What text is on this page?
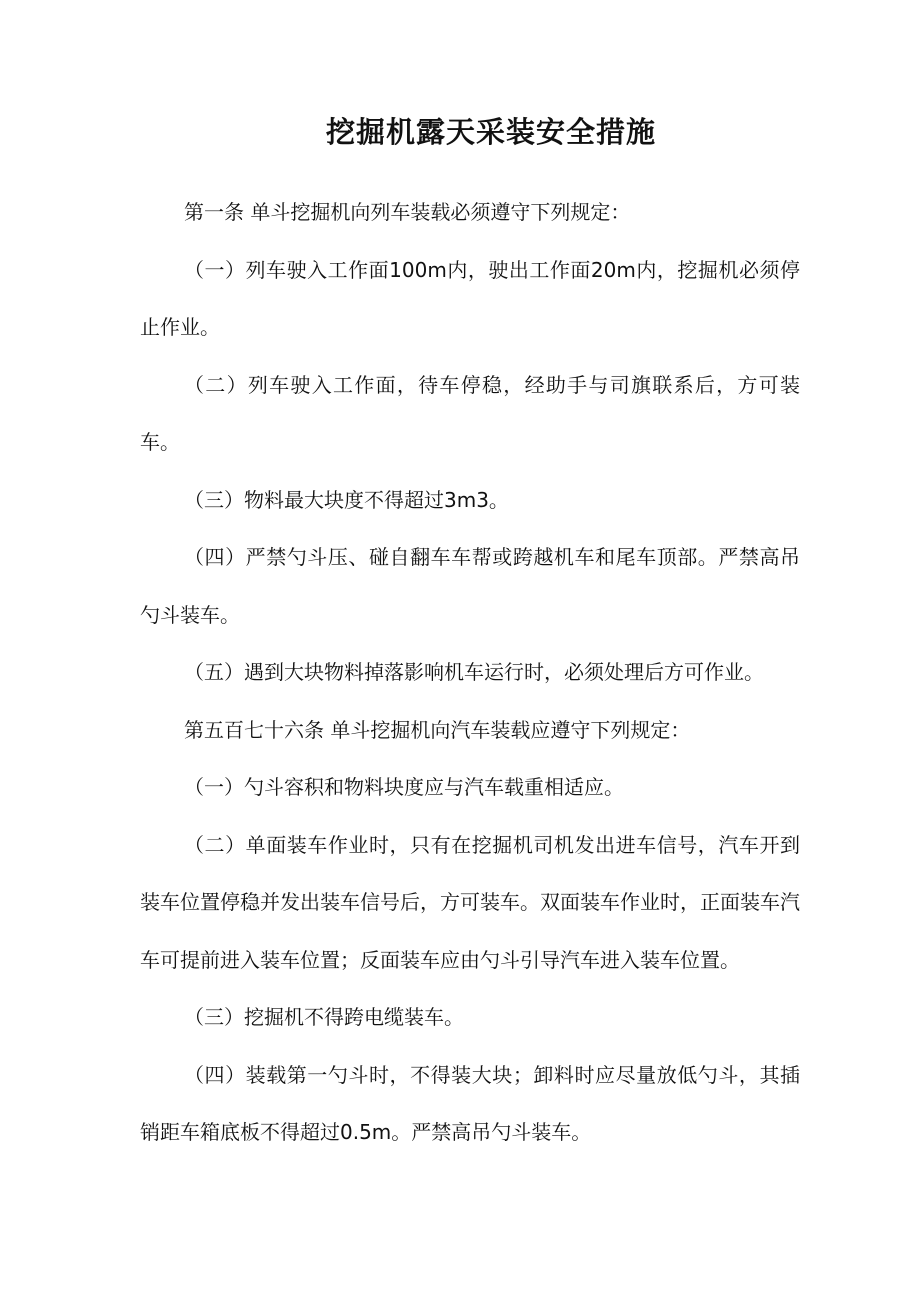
挖掘机露天采装安全措施

第一条 单斗挖掘机向列车装载必须遵守下列规定：

（一）列车驶入工作面100m内，驶出工作面20m内，挖掘机必须停止作业。

（二）列车驶入工作面，待车停稳，经助手与司旗联系后，方可装车。

（三）物料最大块度不得超过3m3。

（四）严禁勺斗压、碰自翻车车帮或跨越机车和尾车顶部。严禁高吊勺斗装车。

（五）遇到大块物料掉落影响机车运行时，必须处理后方可作业。

第五百七十六条 单斗挖掘机向汽车装载应遵守下列规定：

（一）勺斗容积和物料块度应与汽车载重相适应。

（二）单面装车作业时，只有在挖掘机司机发出进车信号，汽车开到装车位置停稳并发出装车信号后，方可装车。双面装车作业时，正面装车汽车可提前进入装车位置；反面装车应由勺斗引导汽车进入装车位置。

（三）挖掘机不得跨电缆装车。

（四）装载第一勺斗时，不得装大块；卸料时应尽量放低勺斗，其插销距车箱底板不得超过0.5m。严禁高吊勺斗装车。
